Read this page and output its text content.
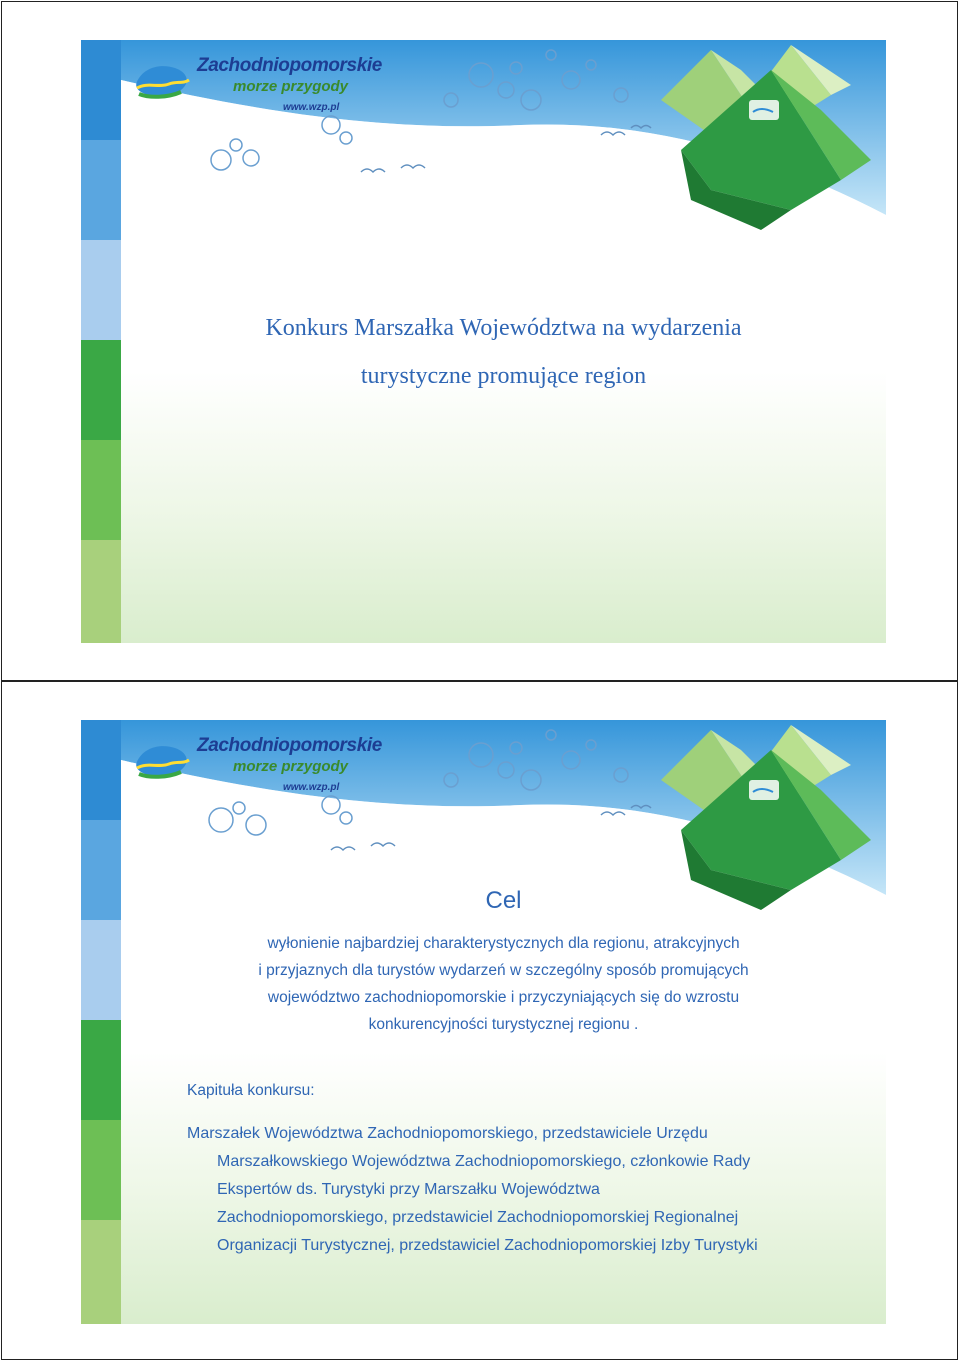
Zachodniopomorskie
morze przygody
www.wzp.pl
Konkurs Marszałka Województwa na wydarzenia
turystyczne promujące region
Zachodniopomorskie
morze przygody
www.wzp.pl
Cel
wyłonienie najbardziej charakterystycznych dla regionu, atrakcyjnych
i przyjaznych dla turystów wydarzeń w szczególny sposób promujących
województwo zachodniopomorskie i przyczyniających się do wzrostu
konkurencyjności turystycznej regionu .
Kapituła konkursu:
Marszałek Województwa Zachodniopomorskiego, przedstawiciele Urzędu
Marszałkowskiego Województwa Zachodniopomorskiego, członkowie Rady
Ekspertów ds. Turystyki przy Marszałku Województwa
Zachodniopomorskiego, przedstawiciel Zachodniopomorskiej Regionalnej
Organizacji Turystycznej, przedstawiciel Zachodniopomorskiej Izby Turystyki
